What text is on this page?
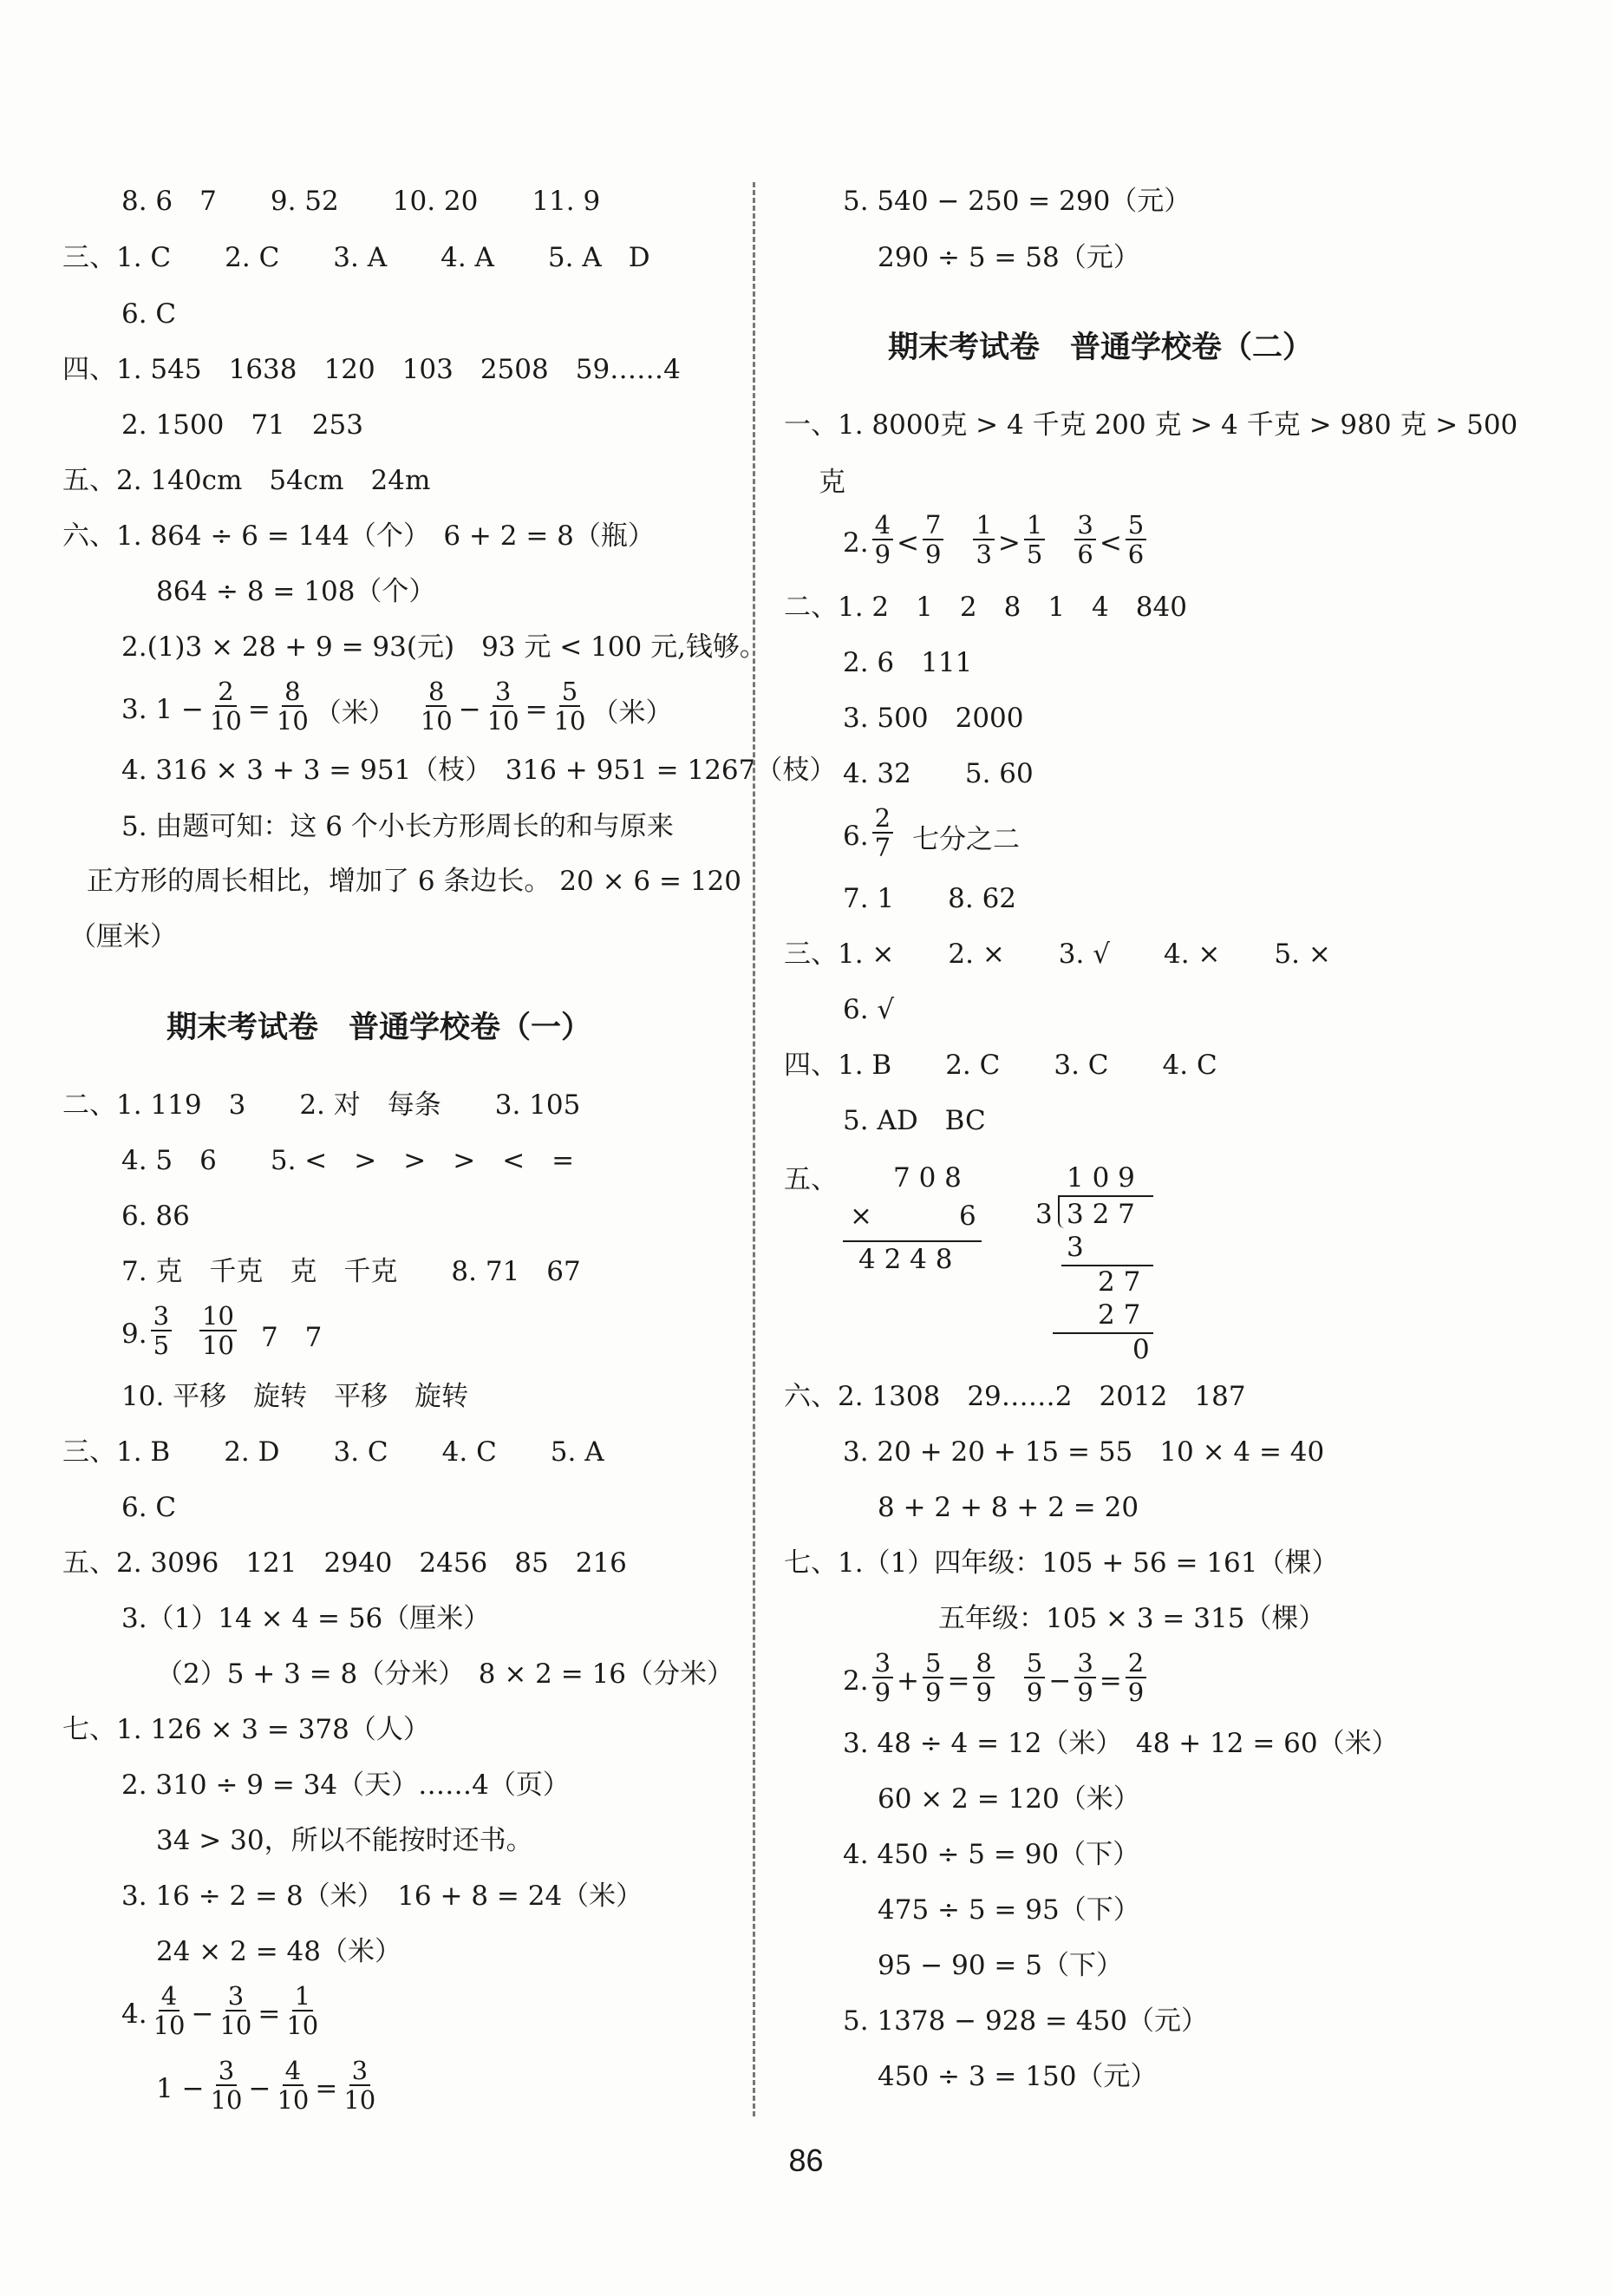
8. 6　7　　9. 52　　10. 20　　11. 9
三、1. C　　2. C　　3. A　　4. A　　5. A　D
6. C
四、1. 545　1638　120　103　2508　59……4
2. 1500　71　253
五、2. 140cm　54cm　24m
六、1. 864 ÷ 6 = 144（个）　6 + 2 = 8（瓶）
864 ÷ 8 = 108（个）
2.(1)3 × 28 + 9 = 93(元)　93 元 < 100 元,钱够。
3. $1 - \frac{2}{10} = \frac{8}{10}$ （米） $\frac{8}{10} - \frac{3}{10} = \frac{5}{10}$ （米）
4. 316 × 3 + 3 = 951（枝）　316 + 951 = 1267（枝）
5. 由题可知：这 6 个小长方形周长的和与原来
正方形的周长相比，增加了 6 条边长。 20 × 6 = 120
（厘米）
期末考试卷　普通学校卷（一）
二、1. 119　3　　2. 对　每条　　3. 105
4. 5　6　　5. <　>　>　>　<　=
6. 86
7. 克　千克　克　千克　　8. 71　67
9. $\frac{3}{5} \frac{10}{10} 7$　7
10. 平移　旋转　平移　旋转
三、1. B　　2. D　　3. C　　4. C　　5. A
6. C
五、2. 3096　121　2940　2456　85　216
3.（1）14 × 4 = 56（厘米）
（2）5 + 3 = 8（分米）　8 × 2 = 16（分米）
七、1. 126 × 3 = 378（人）
2. 310 ÷ 9 = 34（天）……4（页）
34 > 30，所以不能按时还书。
3. 16 ÷ 2 = 8（米）　16 + 8 = 24（米）
24 × 2 = 48（米）
4. $\frac{4}{10} - \frac{3}{10} = \frac{1}{10}$
$1 - \frac{3}{10} - \frac{4}{10} = \frac{3}{10}$
5. 540 − 250 = 290（元）
290 ÷ 5 = 58（元）
期末考试卷　普通学校卷（二）
一、1. 8000克 > 4 千克 200 克 > 4 千克 > 980 克 > 500
克
2. $\frac{4}{9} < \frac{7}{9} \frac{1}{3} > \frac{1}{5} \frac{3}{6} < \frac{5}{6}$
二、1. 2　1　2　8　1　4　840
2. 6　111
3. 500　2000
4. 32　　5. 60
6. $\frac{2}{7}$ 七分之二
7. 1　　8. 62
三、1. ×　　2. ×　　3. √　　4. ×　　5. ×
6. √
四、1. B　　2. C　　3. C　　4. C
5. AD　BC
五、 7 0 8
×	6
4 2 4 8
1 0 9
3 3 2 7
3
2 7
2 7
0
六、2. 1308　29……2　2012　187
3. 20 + 20 + 15 = 55　10 × 4 = 40
8 + 2 + 8 + 2 = 20
七、1.（1）四年级：105 + 56 = 161（棵）
五年级：105 × 3 = 315（棵）
2. $\frac{3}{9} + \frac{5}{9} = \frac{8}{9} \frac{5}{9} - \frac{3}{9} = \frac{2}{9}$
3. 48 ÷ 4 = 12（米）　48 + 12 = 60（米）
60 × 2 = 120（米）
4. 450 ÷ 5 = 90（下）
475 ÷ 5 = 95（下）
95 − 90 = 5（下）
5. 1378 − 928 = 450（元）
450 ÷ 3 = 150（元）
86
